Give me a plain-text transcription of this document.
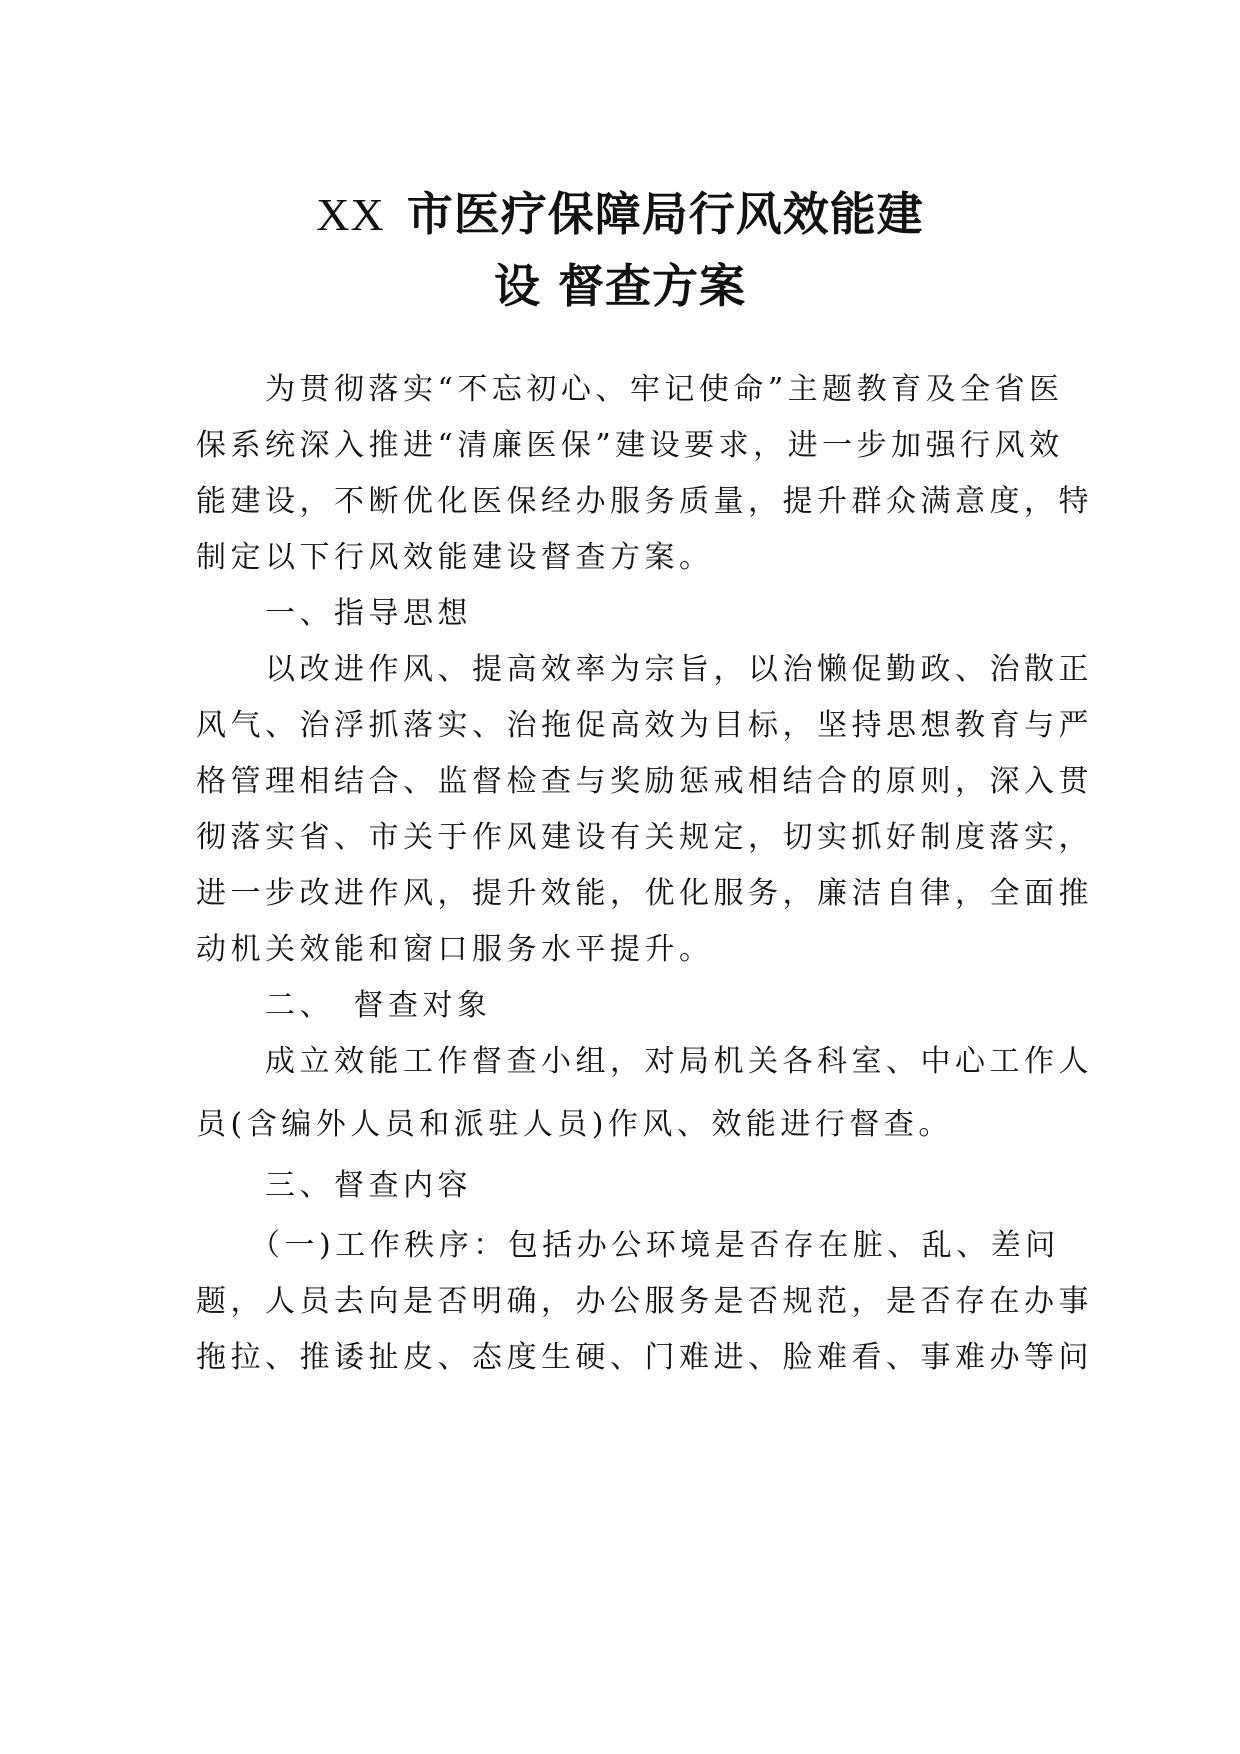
XX 市医疗保障局行风效能建
设 督查方案
　　为贯彻落实“不忘初心、牢记使命”主题教育及全省医
保系统深入推进“清廉医保”建设要求，进一步加强行风效
能建设，不断优化医保经办服务质量，提升群众满意度，特
制定以下行风效能建设督查方案。
　　一、指导思想
　　以改进作风、提高效率为宗旨，以治懒促勤政、治散正
风气、治浮抓落实、治拖促高效为目标，坚持思想教育与严
格管理相结合、监督检查与奖励惩戒相结合的原则，深入贯
彻落实省、市关于作风建设有关规定，切实抓好制度落实，
进一步改进作风，提升效能，优化服务，廉洁自律，全面推
动机关效能和窗口服务水平提升。
　　二、　督查对象
　　成立效能工作督查小组，对局机关各科室、中心工作人
员(含编外人员和派驻人员)作风、效能进行督查。
　　三、督查内容
　　（一)工作秩序：包括办公环境是否存在脏、乱、差问
题，人员去向是否明确，办公服务是否规范，是否存在办事
拖拉、推诿扯皮、态度生硬、门难进、脸难看、事难办等问
